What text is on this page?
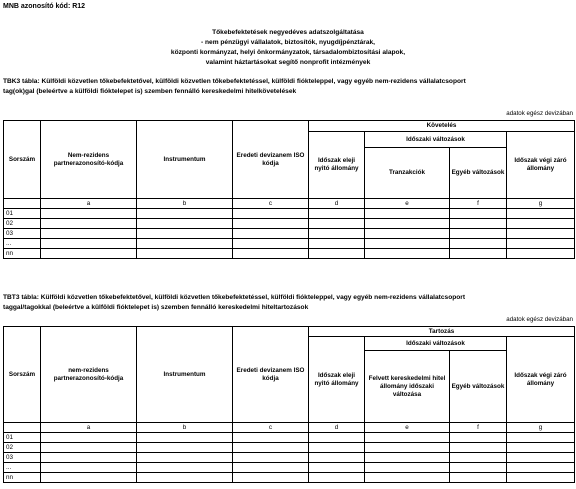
MNB azonosító kód: R12
Tőkebefektetések negyedéves adatszolgáltatása
- nem pénzügyi vállalatok, biztosítók, nyugdíjpénztárak,
központi kormányzat, helyi önkormányzatok, társadalombiztosítási alapok,
valamint háztartásokat segítő nonprofit intézmények
TBK3 tábla: Külföldi közvetlen tőkebefektetővel, külföldi közvetlen tőkebefektetéssel, külföldi fiókteleppel, vagy egyéb nem-rezidens vállalatcsoport
tag(ok)gal (beleértve a külföldi fióktelepet is) szemben fennálló kereskedelmi hitelkövetelések
adatok egész devizában
Sorszám	Nem-rezidens partnerazonosító-kódja	Instrumentum	Eredeti devizanem ISO kódja	Követelés			
				Időszak eleji nyitó állomány	Időszaki változások		Időszak végi záró állomány
					Tranzakciók	Egyéb változások	
	a	b	c	d	e	f	g
01							
02							
03							
...							
nn							
TBT3 tábla: Külföldi közvetlen tőkebefektetővel, külföldi közvetlen tőkebefektetéssel, külföldi fiókteleppel, vagy egyéb nem-rezidens vállalatcsoport
taggal/tagokkal (beleértve a külföldi fióktelepet is) szemben fennálló kereskedelmi hiteltartozások
adatok egész devizában
Sorszám	nem-rezidens partnerazonosító-kódja	Instrumentum	Eredeti devizanem ISO kódja	Tartozás			
				Időszak eleji nyitó állomány	Időszaki változások		Időszak végi záró állomány
					Felvett kereskedelmi hitel állomány időszaki változása	Egyéb változások	
	a	b	c	d	e	f	g
01							
02							
03							
...							
nn							
